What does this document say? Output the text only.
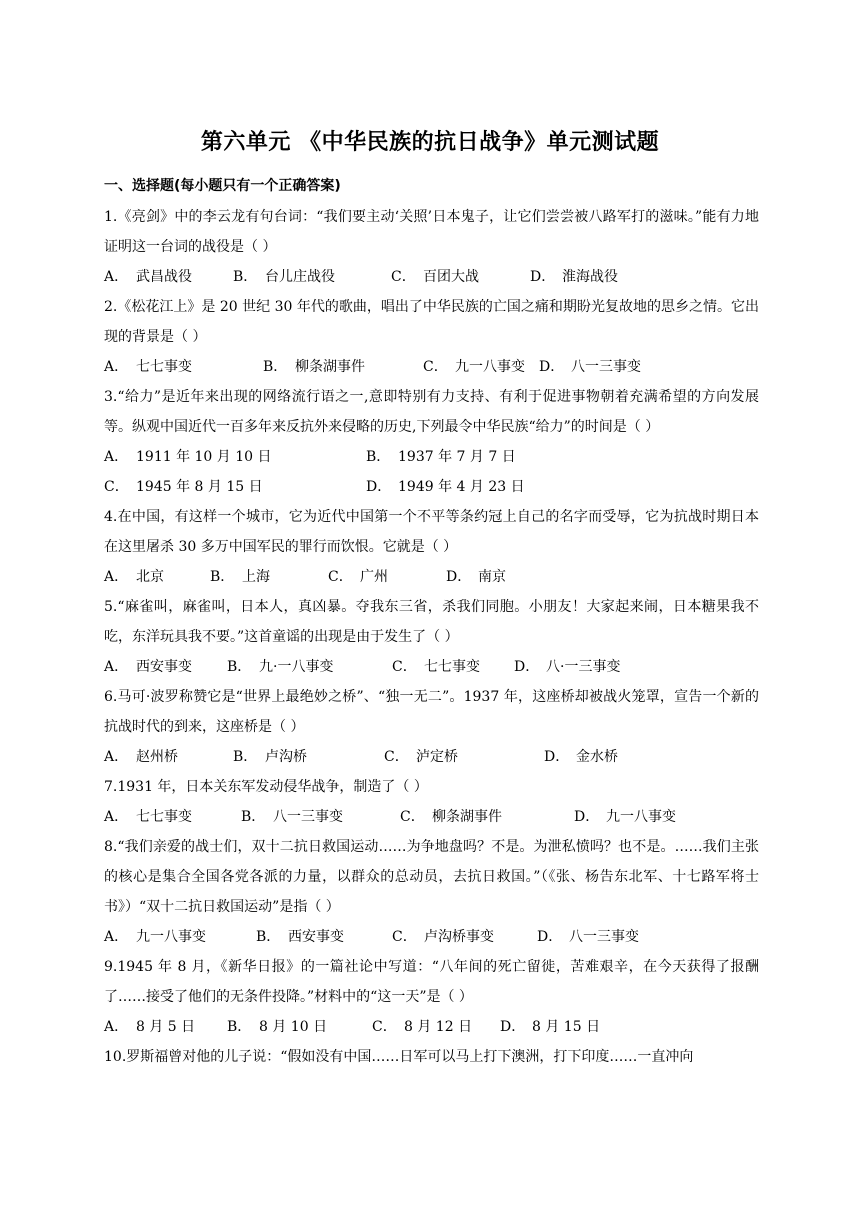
第六单元 《中华民族的抗日战争》单元测试题
一、选择题(每小题只有一个正确答案)

1.《亮剑》中的李云龙有句台词：“我们要主动‘关照’日本鬼子，让它们尝尝被八路军打的滋味。”能有力地证明这一台词的战役是（ ）

A． 武昌战役	B． 台儿庄战役	C． 百团大战	D． 淮海战役

2.《松花江上》是 20 世纪 30 年代的歌曲，唱出了中华民族的亡国之痛和期盼光复故地的思乡之情。它出现的背景是（ ）

A． 七七事变	B． 柳条湖事件	C． 九一八事变 D． 八一三事变

3.“给力”是近年来出现的网络流行语之一,意即特别有力支持、有利于促进事物朝着充满希望的方向发展等。纵观中国近代一百多年来反抗外来侵略的历史,下列最令中华民族“给力”的时间是（ ）

A． 1911 年 10 月 10 日	B． 1937 年 7 月 7 日
C． 1945 年 8 月 15 日	D． 1949 年 4 月 23 日

4.在中国，有这样一个城市，它为近代中国第一个不平等条约冠上自己的名字而受辱，它为抗战时期日本在这里屠杀 30 多万中国军民的罪行而饮恨。它就是（ ）

A． 北京	B． 上海	C． 广州	D． 南京

5.“麻雀叫，麻雀叫，日本人，真凶暴。夺我东三省，杀我们同胞。小朋友！大家起来闹，日本糖果我不吃，东洋玩具我不要。”这首童谣的出现是由于发生了（ ）

A． 西安事变	B． 九·一八事变	C． 七七事变 D． 八·一三事变

6.马可·波罗称赞它是“世界上最绝妙之桥”、“独一无二”。1937 年，这座桥却被战火笼罩，宣告一个新的抗战时代的到来，这座桥是（ ）

A． 赵州桥	B． 卢沟桥	C． 泸定桥	D． 金水桥

7.1931 年，日本关东军发动侵华战争，制造了（ ）

A． 七七事变	B． 八一三事变	C． 柳条湖事件	D． 九一八事变

8.“我们亲爱的战士们，双十二抗日救国运动……为争地盘吗？不是。为泄私愤吗？也不是。……我们主张的核心是集合全国各党各派的力量，以群众的总动员，去抗日救国。”（《张、杨告东北军、十七路军将士书》）“双十二抗日救国运动”是指（ ）

A． 九一八事变	B． 西安事变	C． 卢沟桥事变	D． 八一三事变

9.1945 年 8 月，《新华日报》的一篇社论中写道：“八年间的死亡留徙，苦难艰辛，在今天获得了报酬了……接受了他们的无条件投降。”材料中的“这一天”是（ ）

A． 8 月 5 日 B． 8 月 10 日	C． 8 月 12 日 D． 8 月 15 日

10.罗斯福曾对他的儿子说：“假如没有中国……日军可以马上打下澳洲，打下印度……一直冲向
